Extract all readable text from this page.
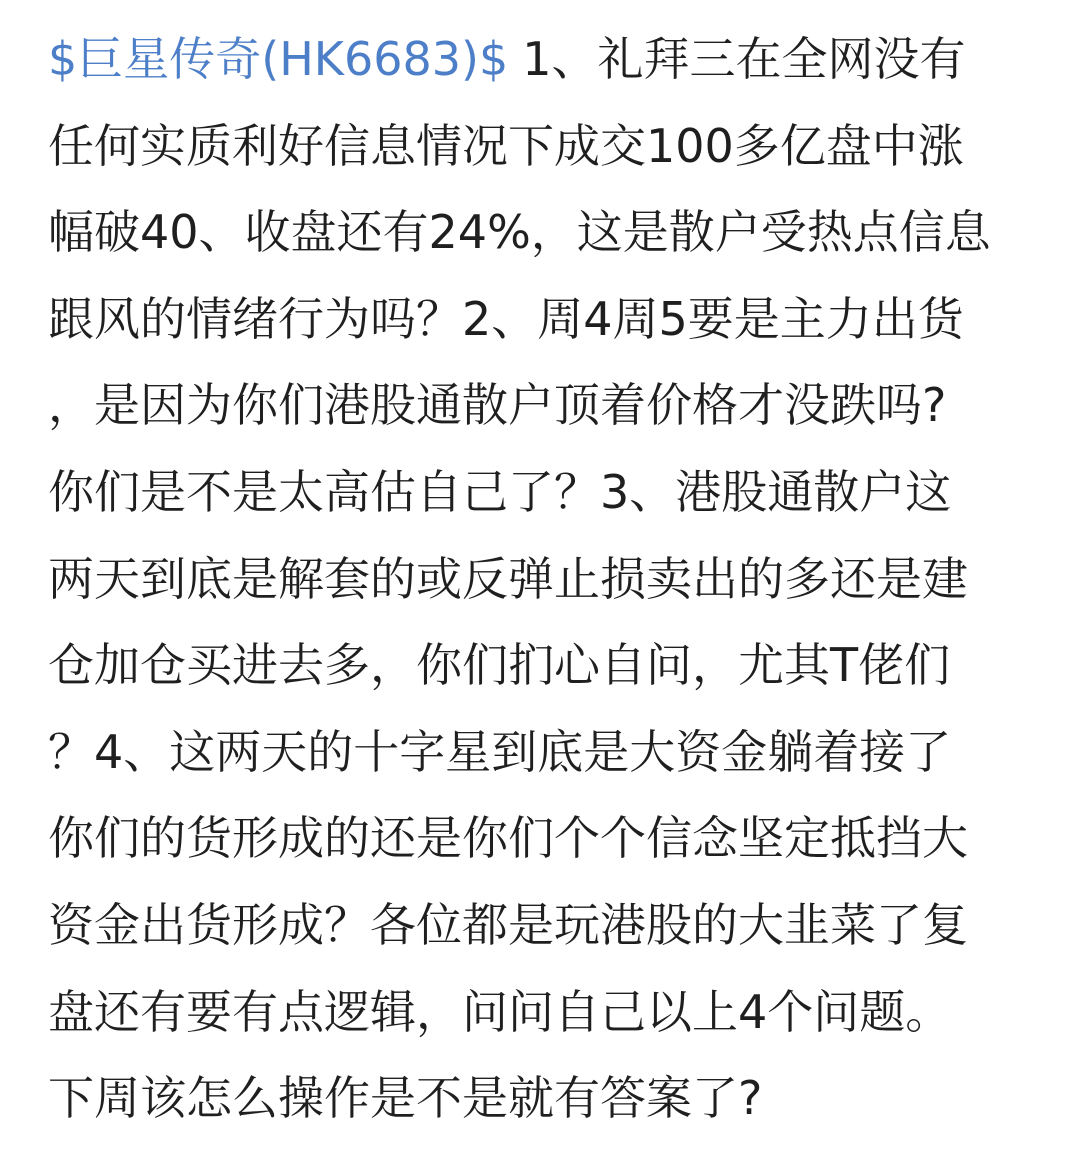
$巨星传奇(HK6683)$ 1、礼拜三在全网没有
任何实质利好信息情况下成交100多亿盘中涨
幅破40、收盘还有24%，这是散户受热点信息
跟风的情绪行为吗？2、周4周5要是主力出货
，是因为你们港股通散户顶着价格才没跌吗?
你们是不是太高估自己了？3、港股通散户这
两天到底是解套的或反弹止损卖出的多还是建
仓加仓买进去多，你们扪心自问，尤其T佬们
？4、这两天的十字星到底是大资金躺着接了
你们的货形成的还是你们个个信念坚定抵挡大
资金出货形成？各位都是玩港股的大韭菜了复
盘还有要有点逻辑，问问自己以上4个问题。
下周该怎么操作是不是就有答案了?
